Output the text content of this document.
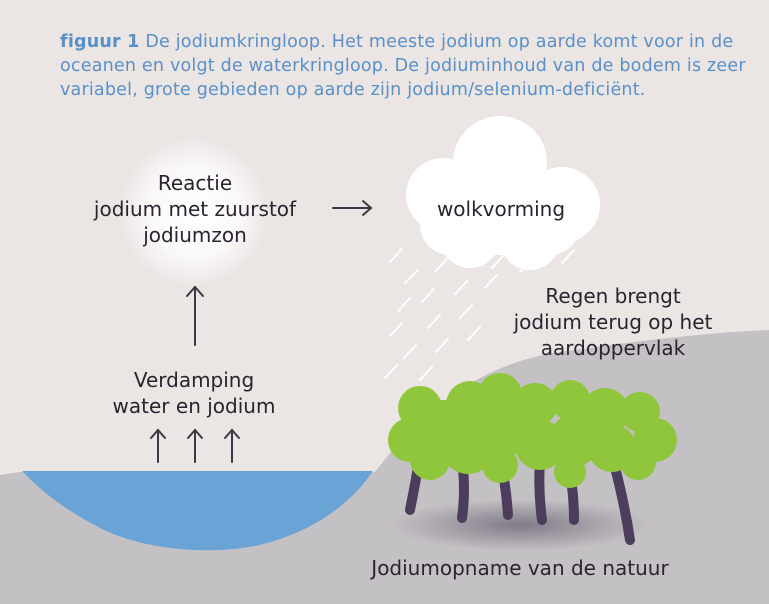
figuur 1 De jodiumkringloop. Het meeste jodium op aarde komt voor in de oceanen en volgt de waterkringloop. De jodiuminhoud van de bodem is zeer variabel, grote gebieden op aarde zijn jodium/selenium-deficiënt.
Reactie
jodium met zuurstof
jodiumzon
wolkvorming
Regen brengt
jodium terug op het
aardoppervlak
Verdamping
water en jodium
Jodiumopname van de natuur
